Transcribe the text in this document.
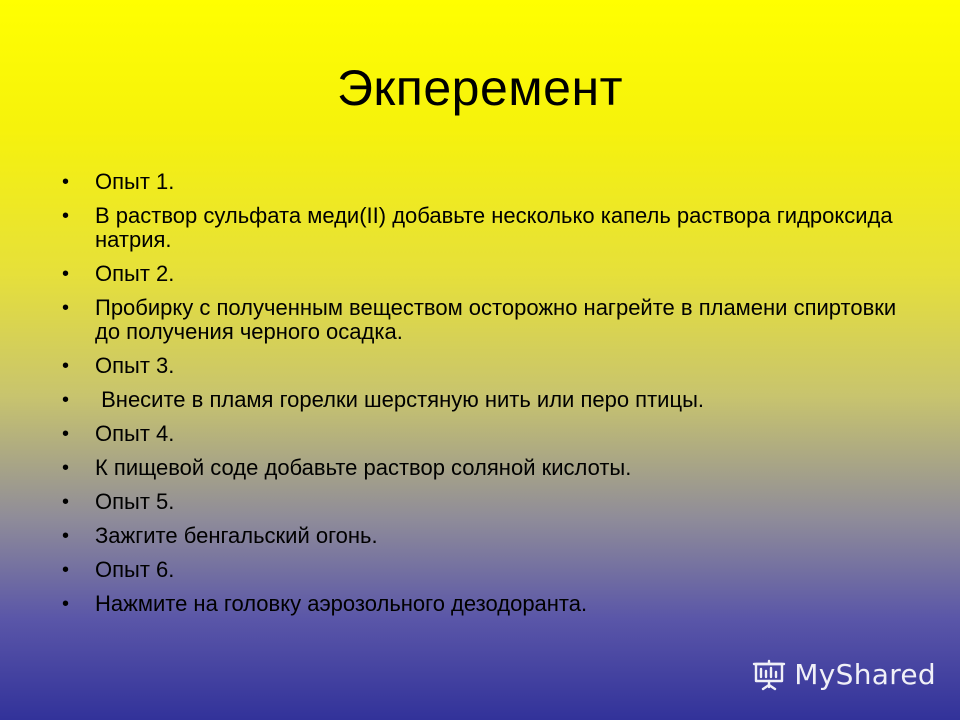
Экперемент
• Опыт 1.
• В раствор сульфата меди(II) добавьте несколько капель раствора гидроксида натрия.
• Опыт 2.
• Пробирку с полученным веществом осторожно нагрейте в пламени спиртовки до получения черного осадка.
• Опыт 3.
• Внесите в пламя горелки шерстяную нить или перо птицы.
• Опыт 4.
• К пищевой соде добавьте раствор соляной кислоты.
• Опыт 5.
• Зажгите бенгальский огонь.
• Опыт 6.
• Нажмите на головку аэрозольного дезодоранта.
MyShared
